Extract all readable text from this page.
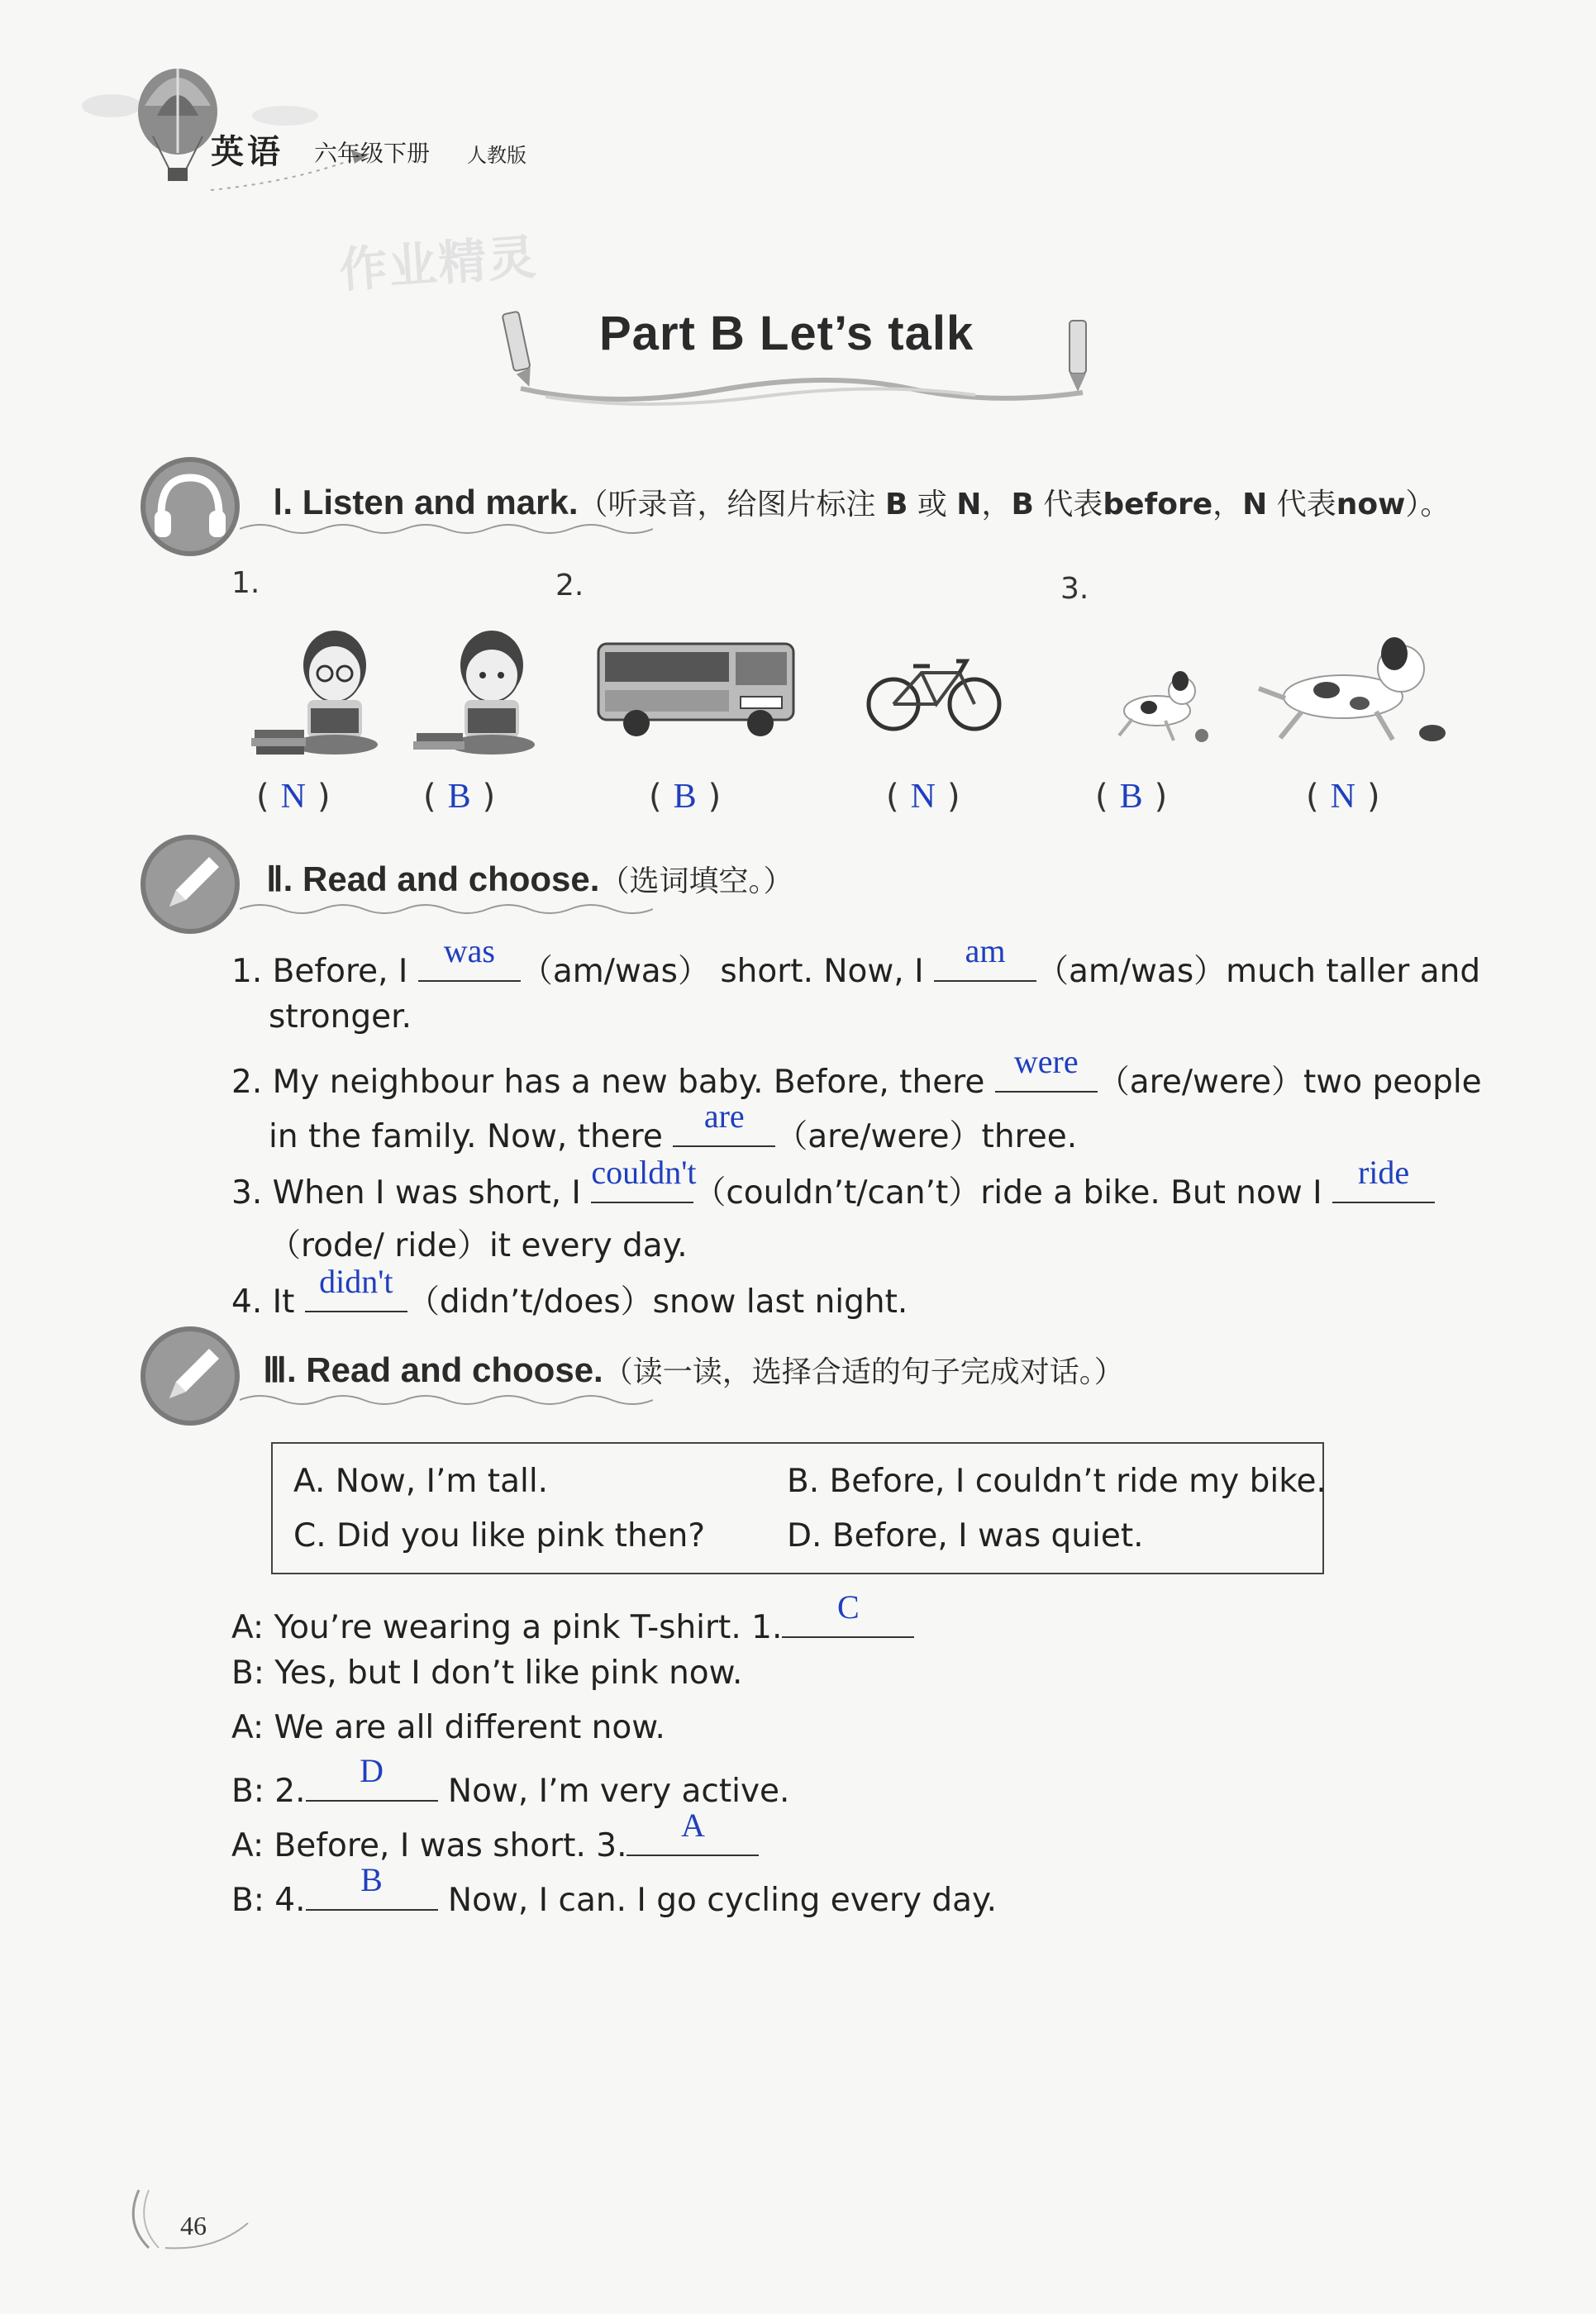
英语 六年级下册 人教版
作业精灵
Part B Let’s talk
Ⅰ. Listen and mark.（听录音，给图片标注 B 或 N，B 代表before，N 代表now）。
1.	2.	3.
( N )	( B )	( B )	( N )	( B )	( N )
Ⅱ. Read and choose.（选词填空。）
1. Before, I
was
（am/was） short. Now, I
am
（am/was）much taller and
stronger.
2. My neighbour has a new baby. Before, there
were
（are/were）two people
in the family. Now, there
are
（are/were）three.
3. When I was short, I
couldn't
（couldn’t/can’t）ride a bike. But now I
ride
（rode/ ride）it every day.
4. It
didn't
（didn’t/does）snow last night.
Ⅲ. Read and choose.（读一读，选择合适的句子完成对话。）
A. Now, I’m tall.	B. Before, I couldn’t ride my bike.
C. Did you like pink then?	D. Before, I was quiet.
A: You’re wearing a pink T-shirt. 1.
C
B: Yes, but I don’t like pink now.
A: We are all different now.
B: 2.
D
Now, I’m very active.
A: Before, I was short. 3.
A
B: 4.
B
Now, I can. I go cycling every day.
46
